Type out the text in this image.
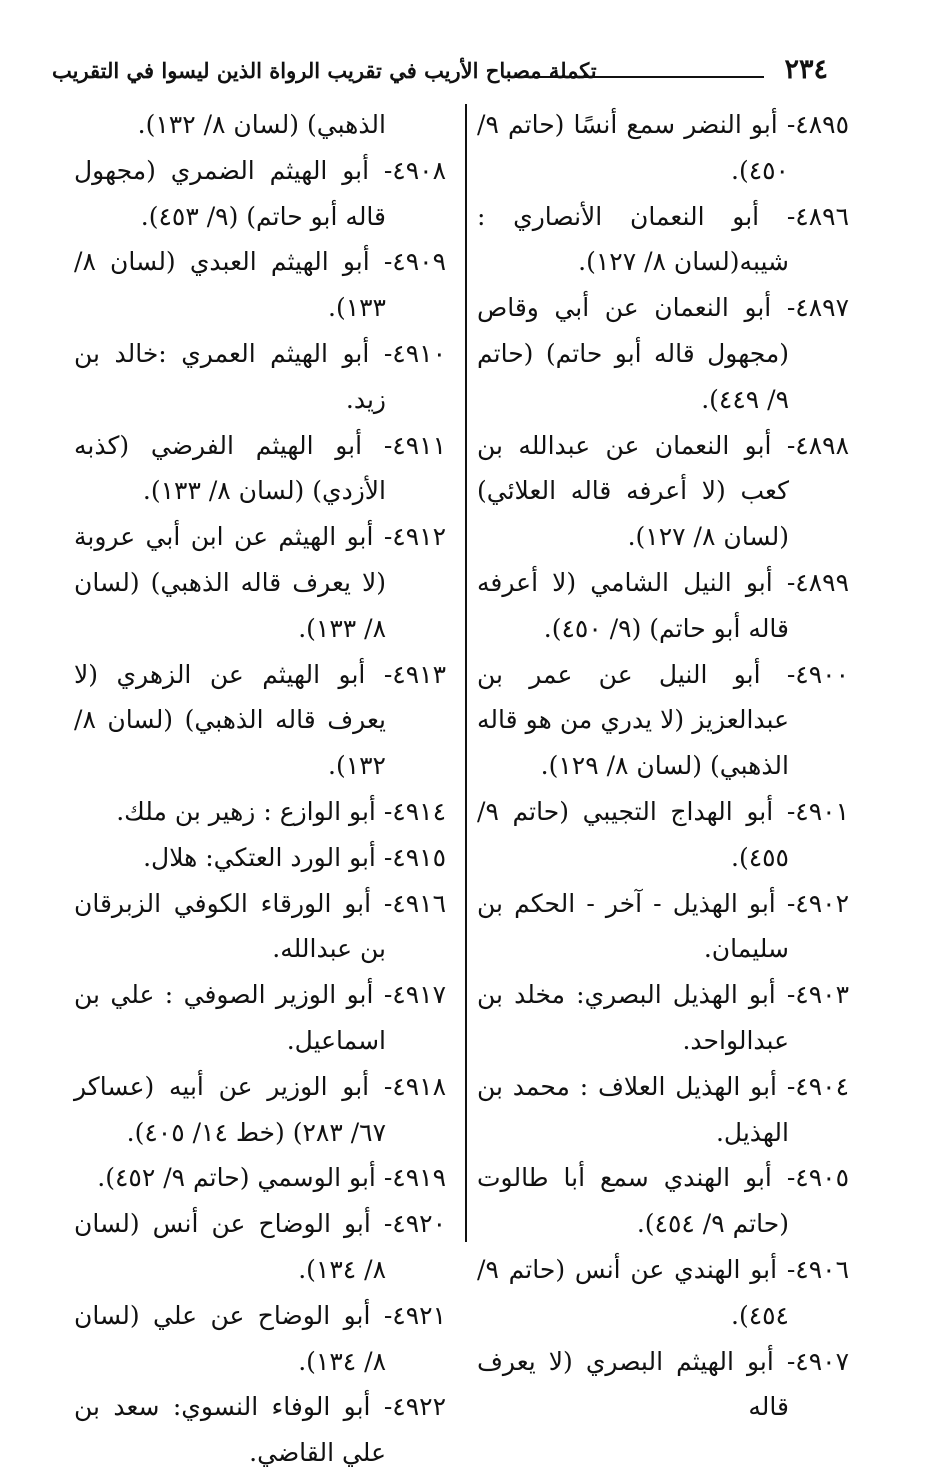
٢٣٤
تكملة مصباح الأريب في تقريب الرواة الذين ليسوا في التقريب
٤٨٩٥- أبو النضر سمع أنسًا (حاتم ٩/ ٤٥٠).
٤٨٩٦- أبو النعمان الأنصاري : شيبه(لسان ٨/ ١٢٧).
٤٨٩٧- أبو النعمان عن أبي وقاص (مجهول قاله أبو حاتم) (حاتم ٩/ ٤٤٩).
٤٨٩٨- أبو النعمان عن عبدالله بن كعب (لا أعرفه قاله العلائي) (لسان ٨/ ١٢٧).
٤٨٩٩- أبو النيل الشامي (لا أعرفه قاله أبو حاتم) (٩/ ٤٥٠).
٤٩٠٠- أبو النيل عن عمر بن عبدالعزيز (لا يدري من هو قاله الذهبي) (لسان ٨/ ١٢٩).
٤٩٠١- أبو الهداج التجيبي (حاتم ٩/ ٤٥٥).
٤٩٠٢- أبو الهذيل - آخر - الحكم بن سليمان.
٤٩٠٣- أبو الهذيل البصري: مخلد بن عبدالواحد.
٤٩٠٤- أبو الهذيل العلاف : محمد بن الهذيل.
٤٩٠٥- أبو الهندي سمع أبا طالوت (حاتم ٩/ ٤٥٤).
٤٩٠٦- أبو الهندي عن أنس (حاتم ٩/ ٤٥٤).
٤٩٠٧- أبو الهيثم البصري (لا يعرف قاله
الذهبي) (لسان ٨/ ١٣٢).
٤٩٠٨- أبو الهيثم الضمري (مجهول قاله أبو حاتم) (٩/ ٤٥٣).
٤٩٠٩- أبو الهيثم العبدي (لسان ٨/ ١٣٣).
٤٩١٠- أبو الهيثم العمري :خالد بن زيد.
٤٩١١- أبو الهيثم الفرضي (كذبه الأزدي) (لسان ٨/ ١٣٣).
٤٩١٢- أبو الهيثم عن ابن أبي عروبة (لا يعرف قاله الذهبي) (لسان ٨/ ١٣٣).
٤٩١٣- أبو الهيثم عن الزهري (لا يعرف قاله الذهبي) (لسان ٨/ ١٣٢).
٤٩١٤- أبو الوازع : زهير بن ملك.
٤٩١٥- أبو الورد العتكي: هلال.
٤٩١٦- أبو الورقاء الكوفي الزبرقان بن عبدالله.
٤٩١٧- أبو الوزير الصوفي : علي بن اسماعيل.
٤٩١٨- أبو الوزير عن أبيه (عساكر ٦٧/ ٢٨٣) (خط ١٤/ ٤٠٥).
٤٩١٩- أبو الوسمي (حاتم ٩/ ٤٥٢).
٤٩٢٠- أبو الوضاح عن أنس (لسان ٨/ ١٣٤).
٤٩٢١- أبو الوضاح عن علي (لسان ٨/ ١٣٤).
٤٩٢٢- أبو الوفاء النسوي: سعد بن علي القاضي.
